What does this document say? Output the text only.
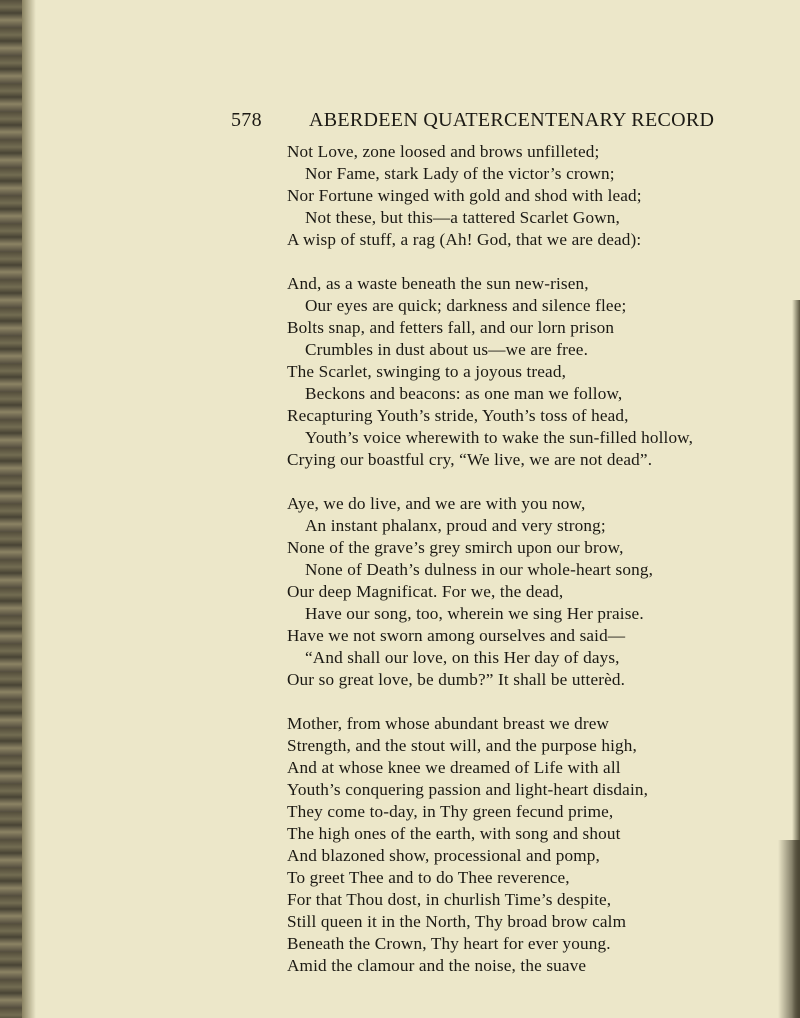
578 ABERDEEN QUATERCENTENARY RECORD
Not Love, zone loosed and brows unfilleted;
Nor Fame, stark Lady of the victor’s crown;
Nor Fortune winged with gold and shod with lead;
Not these, but this—a tattered Scarlet Gown,
A wisp of stuff, a rag (Ah! God, that we are dead):
And, as a waste beneath the sun new-risen,
Our eyes are quick; darkness and silence flee;
Bolts snap, and fetters fall, and our lorn prison
Crumbles in dust about us—we are free.
The Scarlet, swinging to a joyous tread,
Beckons and beacons: as one man we follow,
Recapturing Youth’s stride, Youth’s toss of head,
Youth’s voice wherewith to wake the sun-filled hollow,
Crying our boastful cry, “We live, we are not dead”.
Aye, we do live, and we are with you now,
An instant phalanx, proud and very strong;
None of the grave’s grey smirch upon our brow,
None of Death’s dulness in our whole-heart song,
Our deep Magnificat. For we, the dead,
Have our song, too, wherein we sing Her praise.
Have we not sworn among ourselves and said—
“And shall our love, on this Her day of days,
Our so great love, be dumb?” It shall be utterèd.
Mother, from whose abundant breast we drew
Strength, and the stout will, and the purpose high,
And at whose knee we dreamed of Life with all
Youth’s conquering passion and light-heart disdain,
They come to-day, in Thy green fecund prime,
The high ones of the earth, with song and shout
And blazoned show, processional and pomp,
To greet Thee and to do Thee reverence,
For that Thou dost, in churlish Time’s despite,
Still queen it in the North, Thy broad brow calm
Beneath the Crown, Thy heart for ever young.
Amid the clamour and the noise, the suave
